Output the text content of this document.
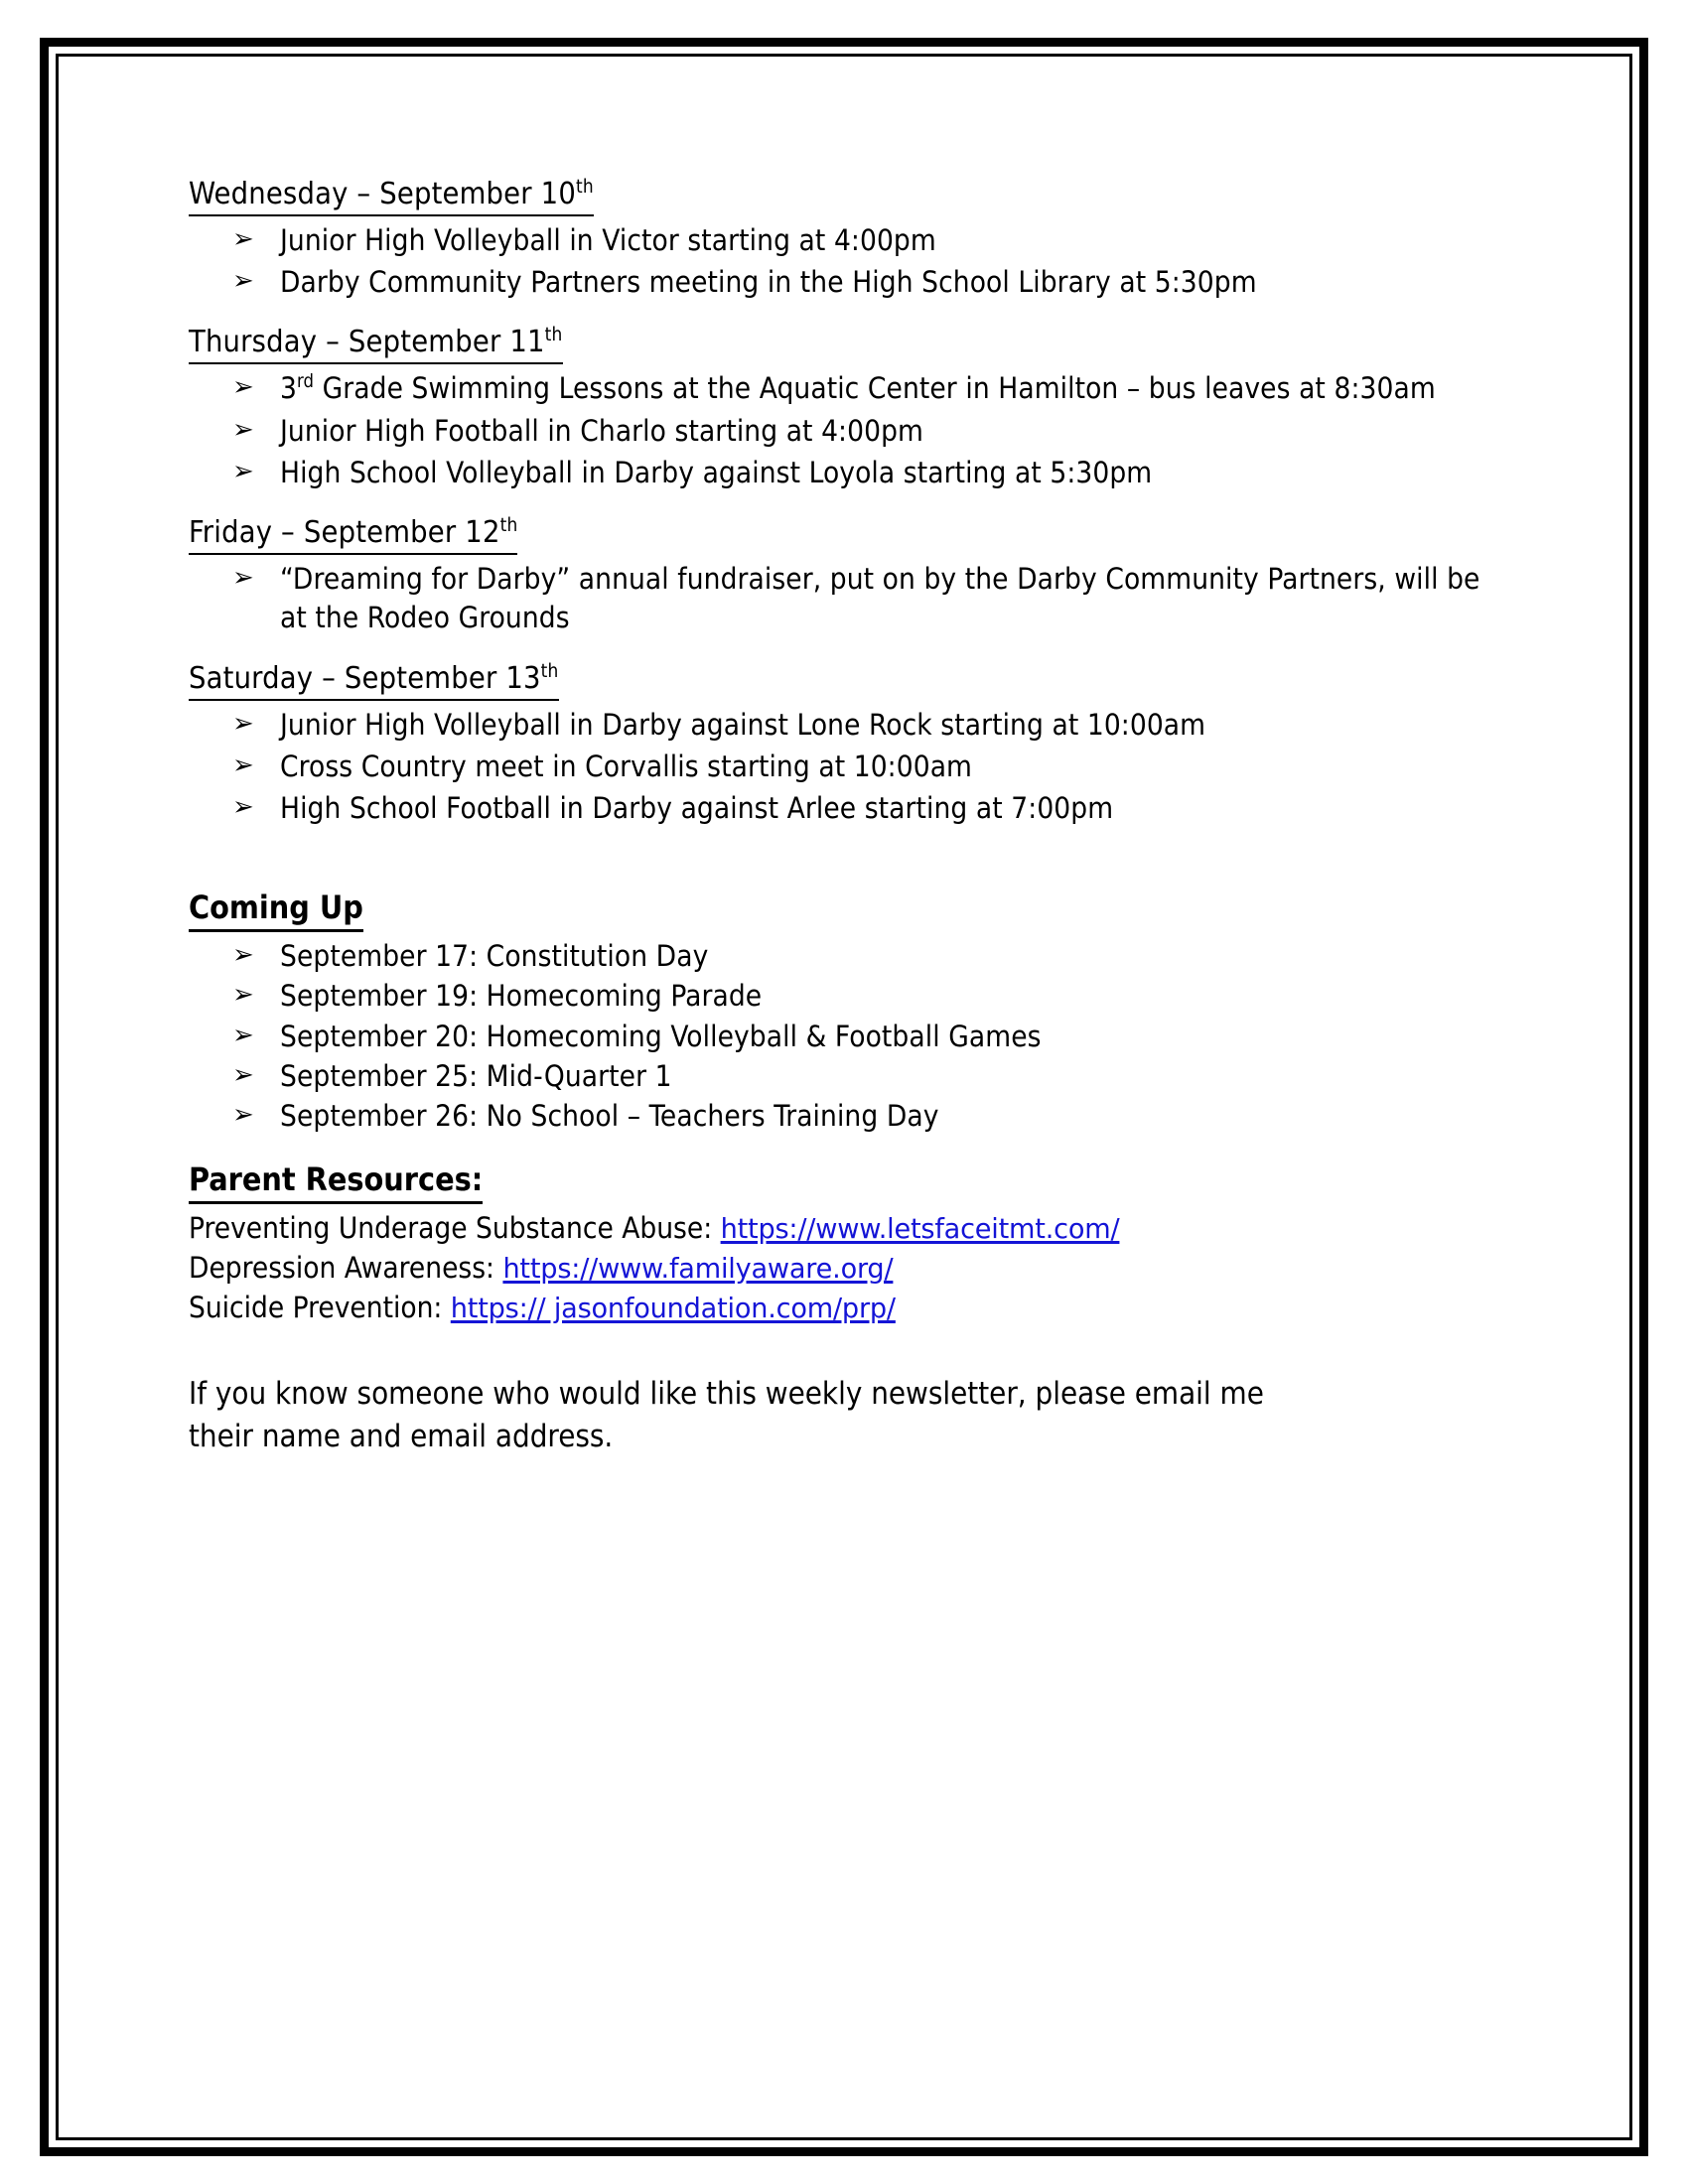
Wednesday – September 10th
➢ Junior High Volleyball in Victor starting at 4:00pm
➢ Darby Community Partners meeting in the High School Library at 5:30pm
Thursday – September 11th
➢ 3rd Grade Swimming Lessons at the Aquatic Center in Hamilton – bus leaves at 8:30am
➢ Junior High Football in Charlo starting at 4:00pm
➢ High School Volleyball in Darby against Loyola starting at 5:30pm
Friday – September 12th
➢ “Dreaming for Darby” annual fundraiser, put on by the Darby Community Partners, will be at the Rodeo Grounds
Saturday – September 13th
➢ Junior High Volleyball in Darby against Lone Rock starting at 10:00am
➢ Cross Country meet in Corvallis starting at 10:00am
➢ High School Football in Darby against Arlee starting at 7:00pm
Coming Up
➢ September 17: Constitution Day
➢ September 19: Homecoming Parade
➢ September 20: Homecoming Volleyball & Football Games
➢ September 25: Mid-Quarter 1
➢ September 26: No School – Teachers Training Day
Parent Resources:

Preventing Underage Substance Abuse: https://www.letsfaceitmt.com/

Depression Awareness: https://www.familyaware.org/

Suicide Prevention: https:// jasonfoundation.com/prp/

If you know someone who would like this weekly newsletter, please email me their name and email address.
